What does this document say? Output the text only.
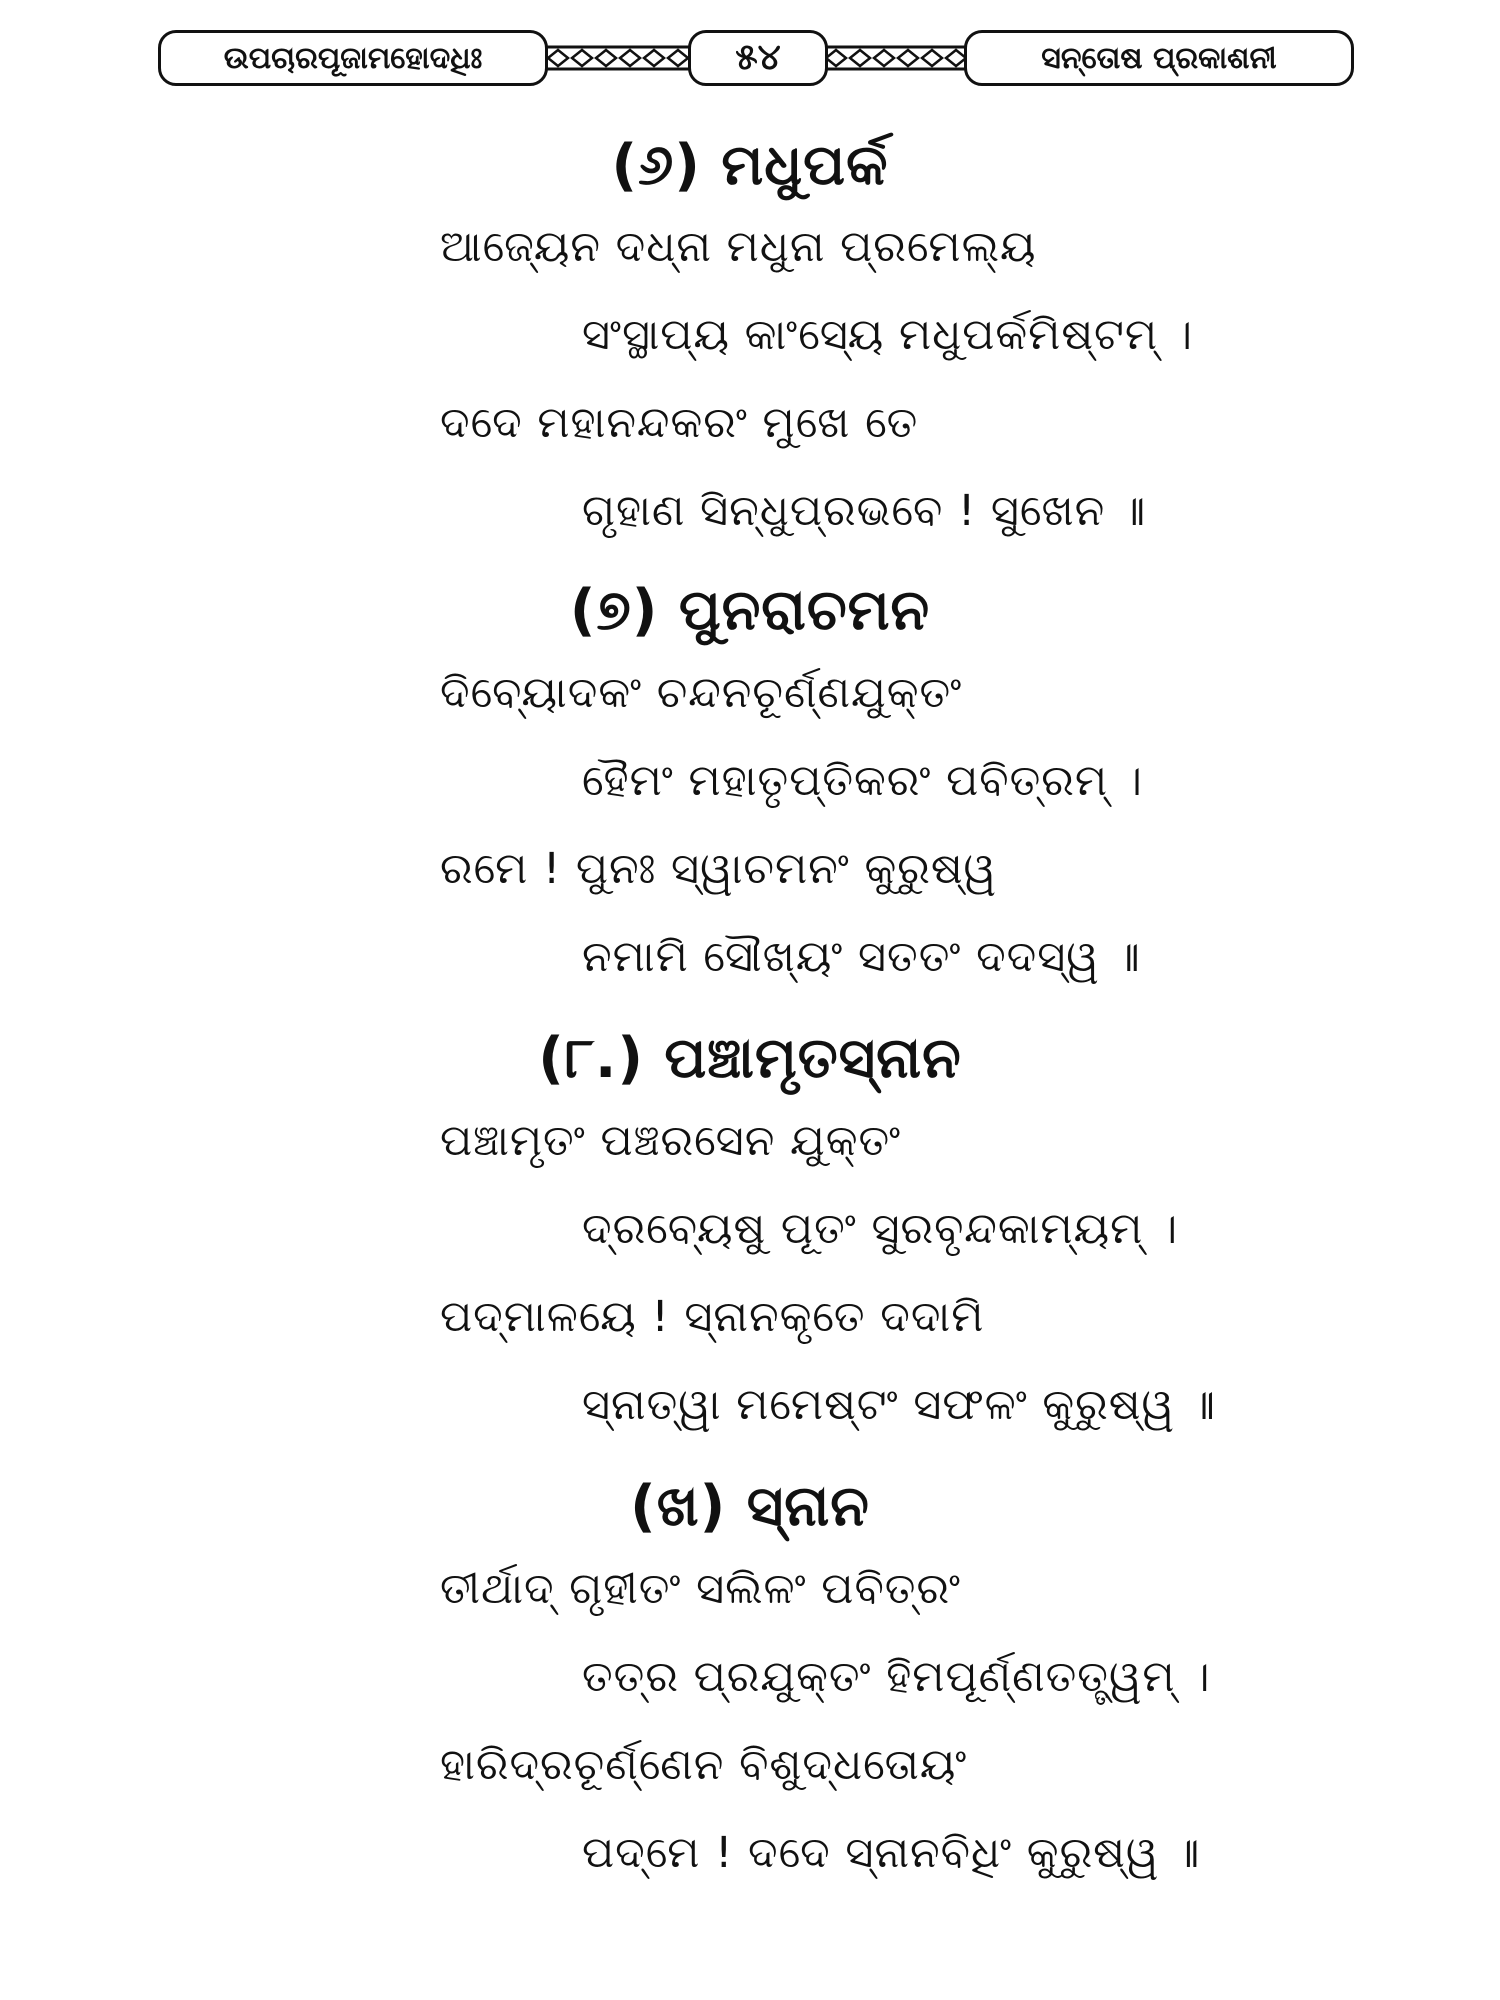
ଉପଚାରପୂଜାମହୋଦଧିଃ	୫୪	ସନ୍ତୋଷ ପ୍ରକାଶନୀ
(୬) ମଧୁପର୍କ
ଆଜ୍ୟେନ ଦଧ୍ନା ମଧୁନା ପ୍ରମେଲ୍ୟ
ସଂସ୍ଥାପ୍ୟ କାଂସ୍ୟେ ମଧୁପର୍କମିଷ୍ଟମ୍ ।
ଦଦେ ମହାନନ୍ଦକରଂ ମୁଖେ ତେ
ଗୃହାଣ ସିନ୍ଧୁପ୍ରଭବେ ! ସୁଖେନ ॥
(୭) ପୁନରାଚମନ
ଦିବ୍ୟୋଦକଂ ଚନ୍ଦନଚୂର୍ଣ୍ଣଯୁକ୍ତଂ
ହୈମଂ ମହାତୃପ୍ତିକରଂ ପବିତ୍ରମ୍ ।
ରମେ ! ପୁନଃ ସ୍ୱାଚମନଂ କୁରୁଷ୍ୱ
ନମାମି ସୌଖ୍ୟଂ ସତତଂ ଦଦସ୍ୱ ॥
(୮.) ପଞ୍ଚାମୃତସ୍ନାନ
ପଞ୍ଚାମୃତଂ ପଞ୍ଚରସେନ ଯୁକ୍ତଂ
ଦ୍ରବ୍ୟେଷୁ ପୂତଂ ସୁରବୃନ୍ଦକାମ୍ୟମ୍ ।
ପଦ୍ମାଳୟେ ! ସ୍ନାନକୃତେ ଦଦାମି
ସ୍ନାତ୍ୱା ମମେଷ୍ଟଂ ସଫଳଂ କୁରୁଷ୍ୱ ॥
(ଖ) ସ୍ନାନ
ତୀର୍ଥାଦ୍ ଗୃହୀତଂ ସଲିଳଂ ପବିତ୍ରଂ
ତତ୍ର ପ୍ରଯୁକ୍ତଂ ହିମପୂର୍ଣ୍ଣତତ୍ତ୍ୱମ୍ ।
ହାରିଦ୍ରଚୂର୍ଣ୍ଣେନ ବିଶୁଦ୍ଧତୋୟଂ
ପଦ୍ମେ ! ଦଦେ ସ୍ନାନବିଧିଂ କୁରୁଷ୍ୱ ॥
